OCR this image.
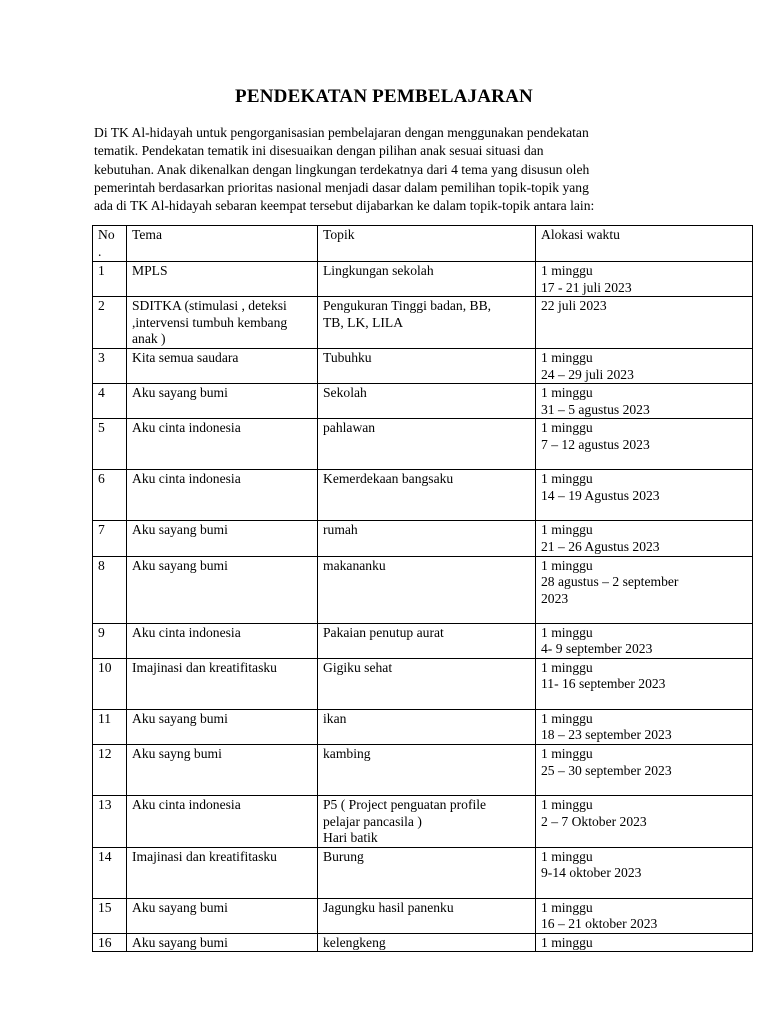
PENDEKATAN PEMBELAJARAN
Di TK Al-hidayah untuk pengorganisasian pembelajaran dengan menggunakan pendekatan
tematik. Pendekatan tematik ini disesuaikan dengan pilihan anak sesuai situasi dan
kebutuhan. Anak dikenalkan dengan lingkungan terdekatnya dari 4 tema yang disusun oleh
pemerintah berdasarkan prioritas nasional menjadi dasar dalam pemilihan topik-topik yang
ada di TK Al-hidayah sebaran keempat tersebut dijabarkan ke dalam topik-topik antara lain:
No
.	Tema	Topik	Alokasi waktu

1	MPLS	Lingkungan sekolah	1 minggu
17 - 21 juli 2023

2	SDITKA (stimulasi , deteksi
,intervensi tumbuh kembang
anak )	Pengukuran Tinggi badan, BB,
TB, LK, LILA	22 juli 2023

3	Kita semua saudara	Tubuhku	1 minggu
24 – 29 juli 2023

4	Aku sayang bumi	Sekolah	1 minggu
31 – 5 agustus 2023

5	Aku cinta indonesia	pahlawan	1 minggu
7 – 12 agustus 2023

6	Aku cinta indonesia	Kemerdekaan bangsaku	1 minggu
14 – 19 Agustus 2023

7	Aku sayang bumi	rumah	1 minggu
21 – 26 Agustus 2023

8	Aku sayang bumi	makananku	1 minggu
28 agustus – 2 september
2023

9	Aku cinta indonesia	Pakaian penutup aurat	1 minggu
4- 9 september 2023

10	Imajinasi dan kreatifitasku	Gigiku sehat	1 minggu
11- 16 september 2023

11	Aku sayang bumi	ikan	1 minggu
18 – 23 september 2023

12	Aku sayng bumi	kambing	1 minggu
25 – 30 september 2023

13	Aku cinta indonesia	P5 ( Project penguatan profile
pelajar pancasila )
Hari batik	1 minggu
2 – 7 Oktober 2023

14	Imajinasi dan kreatifitasku	Burung	1 minggu
9-14 oktober 2023

15	Aku sayang bumi	Jagungku hasil panenku	1 minggu
16 – 21 oktober 2023

16	Aku sayang bumi	kelengkeng	1 minggu
